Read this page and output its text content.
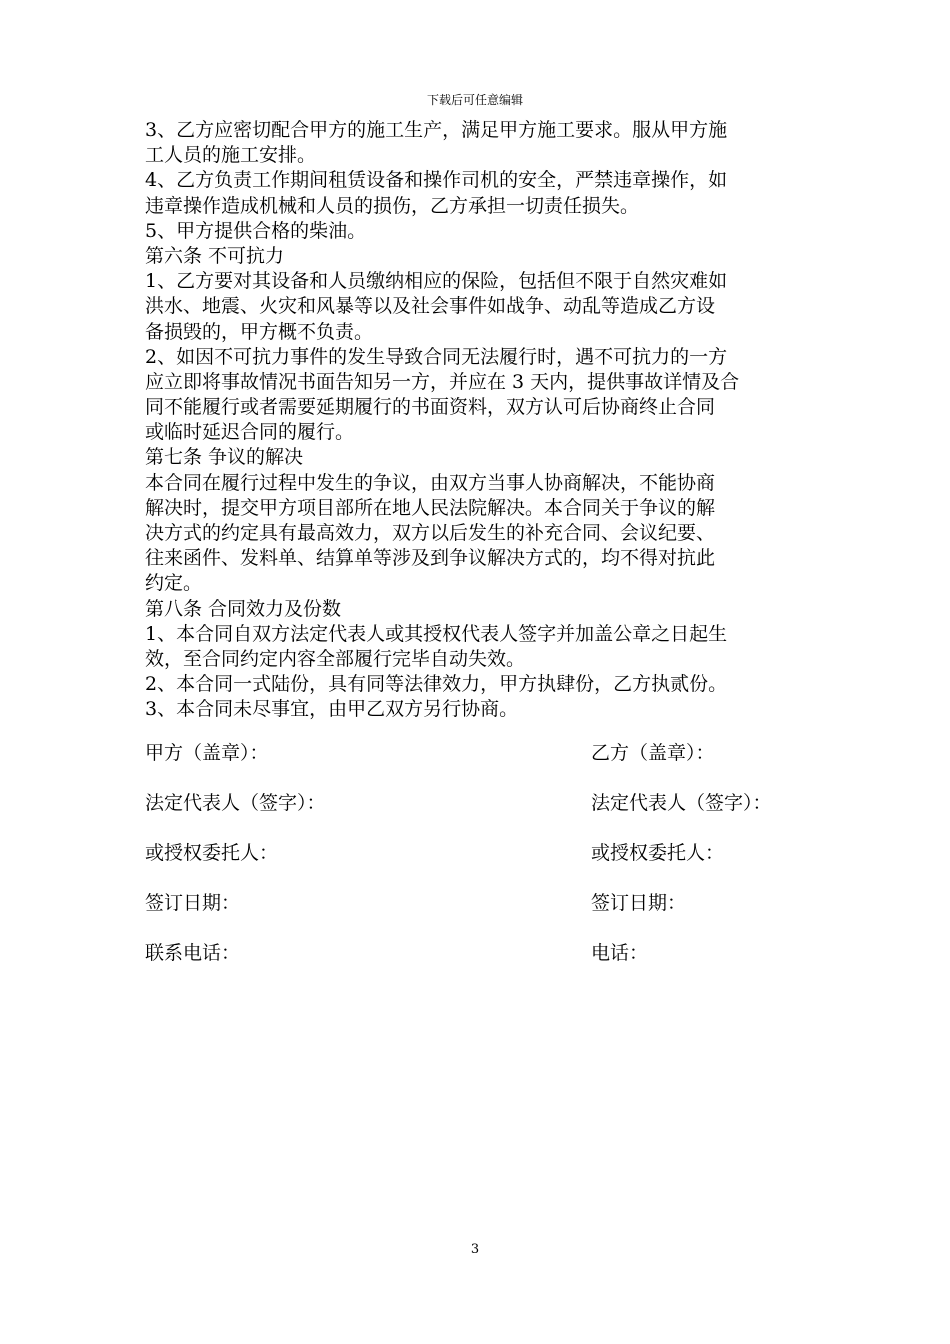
下载后可任意编辑
3、乙方应密切配合甲方的施工生产，满足甲方施工要求。服从甲方施
工人员的施工安排。
4、乙方负责工作期间租赁设备和操作司机的安全，严禁违章操作，如
违章操作造成机械和人员的损伤，乙方承担一切责任损失。
5、甲方提供合格的柴油。
第六条 不可抗力
1、乙方要对其设备和人员缴纳相应的保险，包括但不限于自然灾难如
洪水、地震、火灾和风暴等以及社会事件如战争、动乱等造成乙方设
备损毁的，甲方概不负责。
2、如因不可抗力事件的发生导致合同无法履行时，遇不可抗力的一方
应立即将事故情况书面告知另一方，并应在 3 天内，提供事故详情及合
同不能履行或者需要延期履行的书面资料，双方认可后协商终止合同
或临时延迟合同的履行。
第七条 争议的解决
本合同在履行过程中发生的争议，由双方当事人协商解决，不能协商
解决时，提交甲方项目部所在地人民法院解决。本合同关于争议的解
决方式的约定具有最高效力，双方以后发生的补充合同、会议纪要、
往来函件、发料单、结算单等涉及到争议解决方式的，均不得对抗此
约定。
第八条 合同效力及份数
1、本合同自双方法定代表人或其授权代表人签字并加盖公章之日起生
效，至合同约定内容全部履行完毕自动失效。
2、本合同一式陆份，具有同等法律效力，甲方执肆份，乙方执贰份。
3、本合同未尽事宜，由甲乙双方另行协商。
甲方（盖章）：	乙方（盖章）：
法定代表人（签字）：	法定代表人（签字）：
或授权委托人：	或授权委托人：
签订日期：	签订日期：
联系电话：	电话：
3
